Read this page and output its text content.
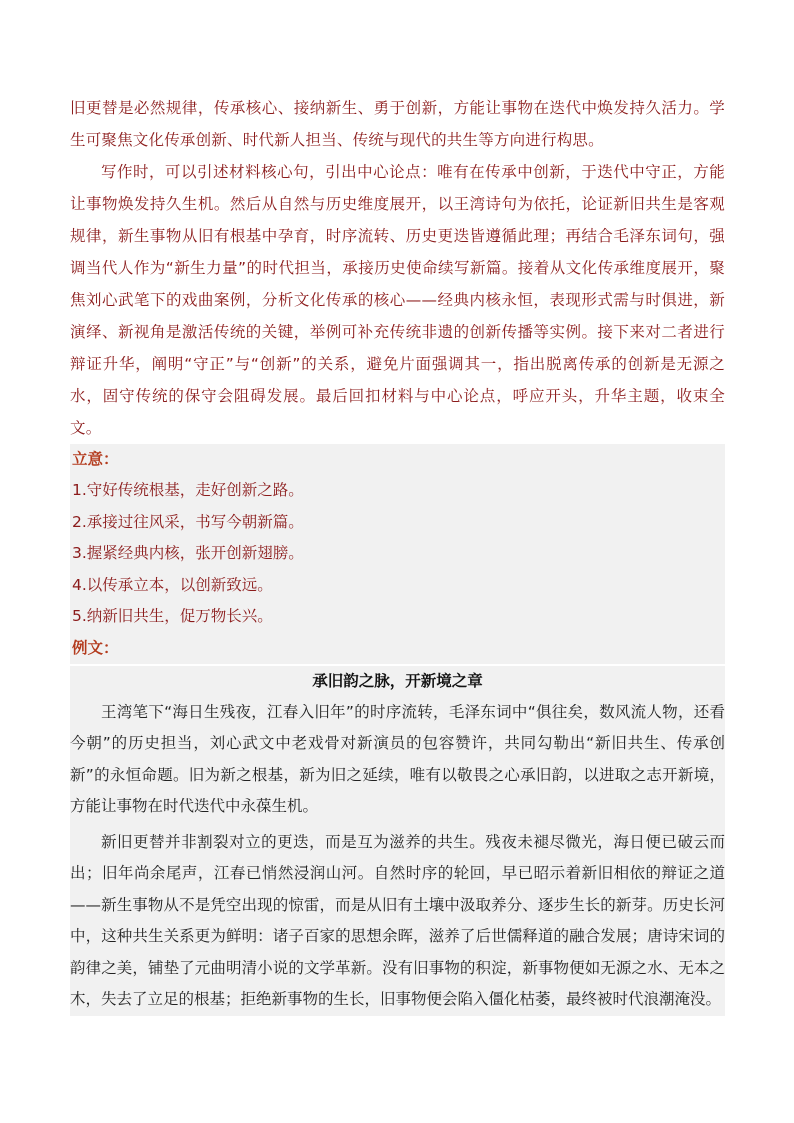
旧更替是必然规律，传承核心、接纳新生、勇于创新，方能让事物在迭代中焕发持久活力。学生可聚焦文化传承创新、时代新人担当、传统与现代的共生等方向进行构思。

写作时，可以引述材料核心句，引出中心论点：唯有在传承中创新，于迭代中守正，方能让事物焕发持久生机。然后从自然与历史维度展开，以王湾诗句为依托，论证新旧共生是客观规律，新生事物从旧有根基中孕育，时序流转、历史更迭皆遵循此理；再结合毛泽东词句，强调当代人作为“新生力量”的时代担当，承接历史使命续写新篇。接着从文化传承维度展开，聚焦刘心武笔下的戏曲案例，分析文化传承的核心——经典内核永恒，表现形式需与时俱进，新演绎、新视角是激活传统的关键，举例可补充传统非遗的创新传播等实例。接下来对二者进行辩证升华，阐明“守正”与“创新”的关系，避免片面强调其一，指出脱离传承的创新是无源之水，固守传统的保守会阻碍发展。最后回扣材料与中心论点，呼应开头，升华主题，收束全文。

立意：
1.守好传统根基，走好创新之路。
2.承接过往风采，书写今朝新篇。
3.握紧经典内核，张开创新翅膀。
4.以传承立本，以创新致远。
5.纳新旧共生，促万物长兴。
例文：
承旧韵之脉，开新境之章

王湾笔下“海日生残夜，江春入旧年”的时序流转，毛泽东词中“俱往矣，数风流人物，还看今朝”的历史担当，刘心武文中老戏骨对新演员的包容赞许，共同勾勒出“新旧共生、传承创新”的永恒命题。旧为新之根基，新为旧之延续，唯有以敬畏之心承旧韵，以进取之志开新境，方能让事物在时代迭代中永葆生机。

新旧更替并非割裂对立的更迭，而是互为滋养的共生。残夜未褪尽微光，海日便已破云而出；旧年尚余尾声，江春已悄然浸润山河。自然时序的轮回，早已昭示着新旧相依的辩证之道——新生事物从不是凭空出现的惊雷，而是从旧有土壤中汲取养分、逐步生长的新芽。历史长河中，这种共生关系更为鲜明：诸子百家的思想余晖，滋养了后世儒释道的融合发展；唐诗宋词的韵律之美，铺垫了元曲明清小说的文学革新。没有旧事物的积淀，新事物便如无源之水、无本之木，失去了立足的根基；拒绝新事物的生长，旧事物便会陷入僵化枯萎，最终被时代浪潮淹没。
